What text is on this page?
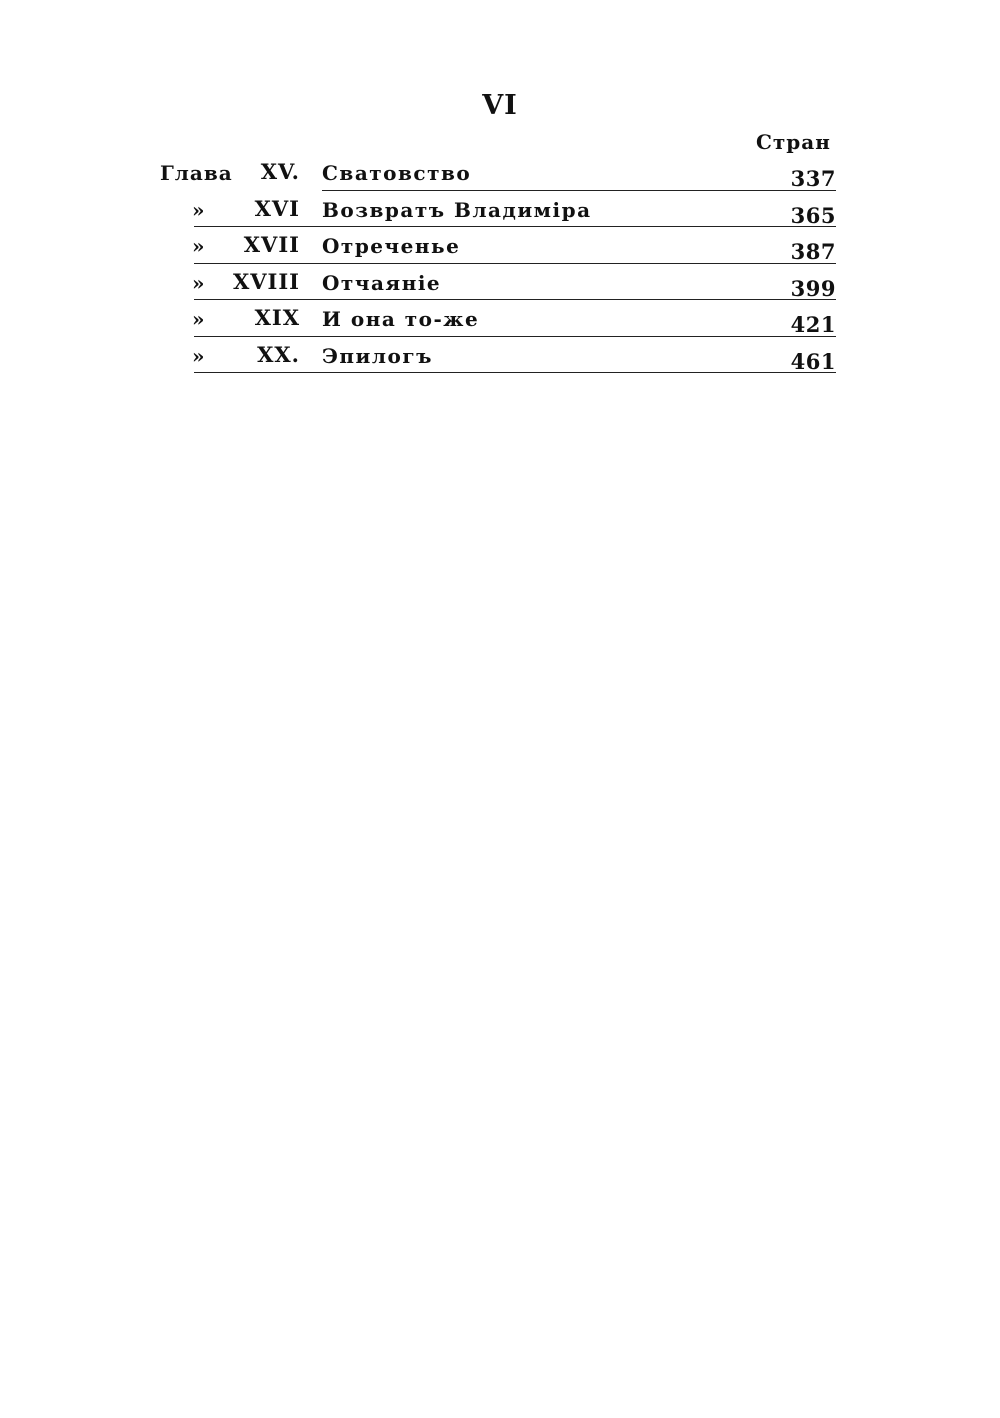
VI
Стран
Глава XV. Сватовство	337
» XVI Возвратъ Владиміра	365
» XVII Отреченье	387
» XVIII Отчаяніе	399
» XIX И она то-же	421
»	XX. Эпилогъ	461
